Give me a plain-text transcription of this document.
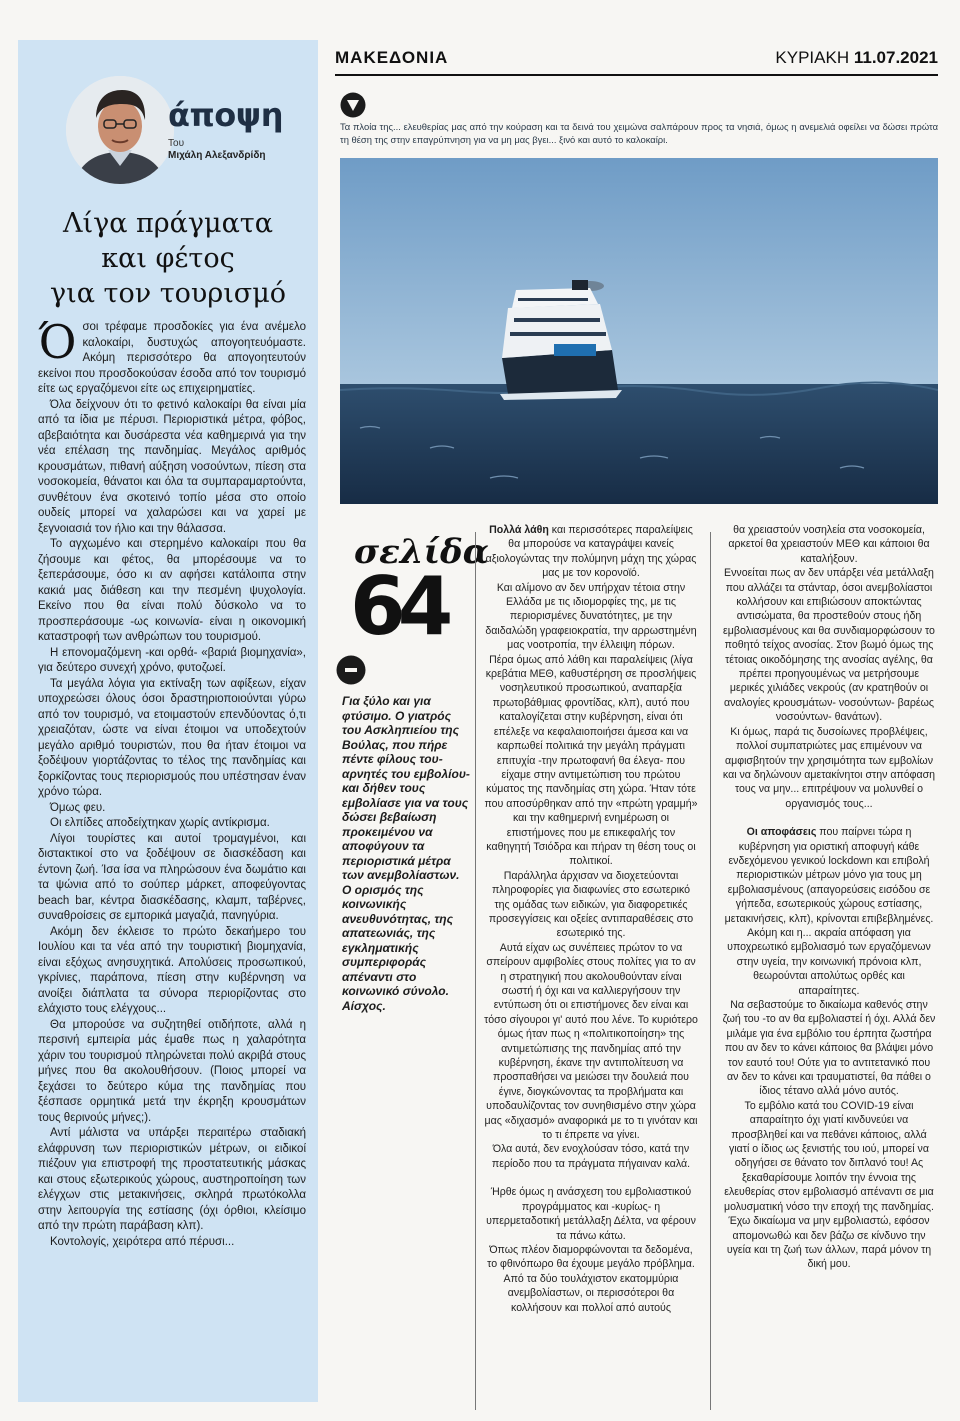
άποψη
Του
Μιχάλη Αλεξανδρίδη
Λίγα πράγματα
και φέτος
για τον τουρισμό

Όσοι τρέφαμε προσδοκίες για ένα ανέμελο καλοκαίρι, δυστυχώς απογοητευόμαστε. Ακόμη περισσότερο θα απογοητευτούν εκείνοι που προσδοκούσαν έσοδα από τον τουρισμό είτε ως εργαζόμενοι είτε ως επιχειρηματίες.

Όλα δείχνουν ότι το φετινό καλοκαίρι θα είναι μία από τα ίδια με πέρυσι. Περιοριστικά μέτρα, φόβος, αβεβαιότητα και δυσάρεστα νέα καθημερινά για την νέα επέλαση της πανδημίας. Μεγάλος αριθμός κρουσμάτων, πιθανή αύξηση νοσούντων, πίεση στα νοσοκομεία, θάνατοι και όλα τα συμπαραμαρτούντα, συνθέτουν ένα σκοτεινό τοπίο μέσα στο οποίο ουδείς μπορεί να χαλαρώσει και να χαρεί με ξεγνοιασιά τον ήλιο και την θάλασσα.

Το αγχωμένο και στερημένο καλοκαίρι που θα ζήσουμε και φέτος, θα μπορέσουμε να το ξεπεράσουμε, όσο κι αν αφήσει κατάλοιπα στην κακιά μας διάθεση και την πεσμένη ψυχολογία. Εκείνο που θα είναι πολύ δύσκολο να το προσπεράσουμε -ως κοινωνία- είναι η οικονομική καταστροφή των ανθρώπων του τουρισμού.

Η επονομαζόμενη -και ορθά- «βαριά βιομηχανία», για δεύτερο συνεχή χρόνο, φυτοζωεί.

Τα μεγάλα λόγια για εκτίναξη των αφίξεων, είχαν υποχρεώσει όλους όσοι δραστηριοποιούνται γύρω από τον τουρισμό, να ετοιμαστούν επενδύοντας ό,τι χρειαζόταν, ώστε να είναι έτοιμοι να υποδεχτούν μεγάλο αριθμό τουριστών, που θα ήταν έτοιμοι να ξοδέψουν γιορτάζοντας το τέλος της πανδημίας και ξορκίζοντας τους περιορισμούς που υπέστησαν έναν χρόνο τώρα.

Όμως φευ.

Οι ελπίδες αποδείχτηκαν χωρίς αντίκρισμα.

Λίγοι τουρίστες και αυτοί τρομαγμένοι, και διστακτικοί στο να ξοδέψουν σε διασκέδαση και έντονη ζωή. Ίσα ίσα να πληρώσουν ένα δωμάτιο και τα ψώνια από το σούπερ μάρκετ, αποφεύγοντας beach bar, κέντρα διασκέδασης, κλαμπ, ταβέρνες, συναθροίσεις σε εμπορικά μαγαζιά, πανηγύρια.

Ακόμη δεν έκλεισε το πρώτο δεκαήμερο του Ιουλίου και τα νέα από την τουριστική βιομηχανία, είναι εξόχως ανησυχητικά. Απολύσεις προσωπικού, γκρίνιες, παράπονα, πίεση στην κυβέρνηση να ανοίξει διάπλατα τα σύνορα περιορίζοντας στο ελάχιστο τους ελέγχους...

Θα μπορούσε να συζητηθεί οτιδήποτε, αλλά η περσινή εμπειρία μάς έμαθε πως η χαλαρότητα χάριν του τουρισμού πληρώνεται πολύ ακριβά στους μήνες που θα ακολουθήσουν. (Ποιος μπορεί να ξεχάσει το δεύτερο κύμα της πανδημίας που ξέσπασε ορμητικά μετά την έκρηξη κρουσμάτων τους θερινούς μήνες;).

Αντί μάλιστα να υπάρξει περαιτέρω σταδιακή ελάφρυνση των περιοριστικών μέτρων, οι ειδικοί πιέζουν για επιστροφή της προστατευτικής μάσκας και στους εξωτερικούς χώρους, αυστηροποίηση των ελέγχων στις μετακινήσεις, σκληρά πρωτόκολλα στην λειτουργία της εστίασης (όχι όρθιοι, κλείσιμο από την πρώτη παράβαση κλπ).

Κοντολογίς, χειρότερα από πέρυσι...

ΜΑΚΕΔΟΝΙΑ	ΚΥΡΙΑΚΗ 11.07.2021
Τα πλοία της... ελευθερίας μας από την κούραση και τα δεινά του χειμώνα σαλπάρουν προς τα νησιά, όμως η ανεμελιά οφείλει να δώσει πρώτα τη θέση της στην επαγρύπνηση για να μη μας βγει... ξινό και αυτό το καλοκαίρι.
σελίδα
64
Για ξύλο και για φτύσιμο. Ο γιατρός του Ασκληπιείου της Βούλας, που πήρε πέντε φίλους του-αρνητές του εμβολίου-και δήθεν τους εμβολίασε για να τους δώσει βεβαίωση προκειμένου να αποφύγουν τα περιοριστικά μέτρα των ανεμβολίαστων. Ο ορισμός της κοινωνικής ανευθυνότητας, της απατεωνιάς, της εγκληματικής συμπεριφοράς απέναντι στο κοινωνικό σύνολο. Αίσχος.

Πολλά λάθη και περισσότερες παραλείψεις θα μπορούσε να καταγράψει κανείς αξιολογώντας την πολύμηνη μάχη της χώρας μας με τον κορονοϊό.

Και αλίμονο αν δεν υπήρχαν τέτοια στην Ελλάδα με τις ιδιομορφίες της, με τις περιορισμένες δυνατότητες, με την δαιδαλώδη γραφειοκρατία, την αρρωστημένη μας νοοτροπία, την έλλειψη πόρων.

Πέρα όμως από λάθη και παραλείψεις (λίγα κρεβάτια ΜΕΘ, καθυστέρηση σε προσλήψεις νοσηλευτικού προσωπικού, αναπαρξία πρωτοβάθμιας φροντίδας, κλπ), αυτό που καταλογίζεται στην κυβέρνηση, είναι ότι επέλεξε να κεφαλαιοποιήσει άμεσα και να καρπωθεί πολιτικά την μεγάλη πράγματι επιτυχία -την πρωτοφανή θα έλεγα- που είχαμε στην αντιμετώπιση του πρώτου κύματος της πανδημίας στη χώρα. Ήταν τότε που αποσύρθηκαν από την «πρώτη γραμμή» και την καθημερινή ενημέρωση οι επιστήμονες που με επικεφαλής τον καθηγητή Τσιόδρα και πήραν τη θέση τους οι πολιτικοί.

Παράλληλα άρχισαν να διοχετεύονται πληροφορίες για διαφωνίες στο εσωτερικό της ομάδας των ειδικών, για διαφορετικές προσεγγίσεις και οξείες αντιπαραθέσεις στο εσωτερικό της.

Αυτά είχαν ως συνέπειες πρώτον το να σπείρουν αμφιβολίες στους πολίτες για το αν η στρατηγική που ακολουθούνταν είναι σωστή ή όχι και να καλλιεργήσουν την εντύπωση ότι οι επιστήμονες δεν είναι και τόσο σίγουροι γι' αυτό που λένε. Το κυριότερο όμως ήταν πως η «πολιτικοποίηση» της αντιμετώπισης της πανδημίας από την κυβέρνηση, έκανε την αντιπολίτευση να προσπαθήσει να μειώσει την δουλειά που έγινε, διογκώνοντας τα προβλήματα και υποδαυλίζοντας τον συνηθισμένο στην χώρα μας «διχασμό» αναφορικά με το τι γινόταν και το τι έπρεπε να γίνει.

Όλα αυτά, δεν ενοχλούσαν τόσο, κατά την περίοδο που τα πράγματα πήγαιναν καλά.

Ήρθε όμως η ανάσχεση του εμβολιαστικού προγράμματος και -κυρίως- η υπερμεταδοτική μετάλλαξη Δέλτα, να φέρουν τα πάνω κάτω.

Όπως πλέον διαμορφώνονται τα δεδομένα, το φθινόπωρο θα έχουμε μεγάλο πρόβλημα. Από τα δύο τουλάχιστον εκατομμύρια ανεμβολίαστων, οι περισσότεροι θα κολλήσουν και πολλοί από αυτούς

θα χρειαστούν νοσηλεία στα νοσοκομεία, αρκετοί θα χρειαστούν ΜΕΘ και κάποιοι θα καταλήξουν.

Εννοείται πως αν δεν υπάρξει νέα μετάλλαξη που αλλάζει τα στάνταρ, όσοι ανεμβολίαστοι κολλήσουν και επιβιώσουν αποκτώντας αντισώματα, θα προστεθούν στους ήδη εμβολιασμένους και θα συνδιαμορφώσουν το ποθητό τείχος ανοσίας. Στον βωμό όμως της τέτοιας οικοδόμησης της ανοσίας αγέλης, θα πρέπει προηγουμένως να μετρήσουμε μερικές χιλιάδες νεκρούς (αν κρατηθούν οι αναλογίες κρουσμάτων- νοσούντων- βαρέως νοσούντων- θανάτων).

Κι όμως, παρά τις δυσοίωνες προβλέψεις, πολλοί συμπατριώτες μας επιμένουν να αμφισβητούν την χρησιμότητα των εμβολίων και να δηλώνουν αμετακίνητοι στην απόφαση τους να μην... επιτρέψουν να μολυνθεί ο οργανισμός τους...

Οι αποφάσεις που παίρνει τώρα η κυβέρνηση για οριστική αποφυγή κάθε ενδεχόμενου γενικού lockdown και επιβολή περιοριστικών μέτρων μόνο για τους μη εμβολιασμένους (απαγορεύσεις εισόδου σε γήπεδα, εσωτερικούς χώρους εστίασης, μετακινήσεις, κλπ), κρίνονται επιβεβλημένες.

Ακόμη και η... ακραία απόφαση για υποχρεωτικό εμβολιασμό των εργαζόμενων στην υγεία, την κοινωνική πρόνοια κλπ, θεωρούνται απολύτως ορθές και απαραίτητες.

Να σεβαστούμε το δικαίωμα καθενός στην ζωή του -το αν θα εμβολιαστεί ή όχι. Αλλά δεν μιλάμε για ένα εμβόλιο του έρπητα ζωστήρα που αν δεν το κάνει κάποιος θα βλάψει μόνο τον εαυτό του! Ούτε για το αντιτετανικό που αν δεν το κάνει και τραυματιστεί, θα πάθει ο ίδιος τέτανο αλλά μόνο αυτός.

Το εμβόλιο κατά του COVID-19 είναι απαραίτητο όχι γιατί κινδυνεύει να προσβληθεί και να πεθάνει κάποιος, αλλά γιατί ο ίδιος ως ξενιστής του ιού, μπορεί να οδηγήσει σε θάνατο τον διπλανό του! Ας ξεκαθαρίσουμε λοιπόν την έννοια της ελευθερίας στον εμβολιασμό απέναντι σε μια μολυσματική νόσο την εποχή της πανδημίας.

Έχω δικαίωμα να μην εμβολιαστώ, εφόσον απομονωθώ και δεν βάζω σε κίνδυνο την υγεία και τη ζωή των άλλων, παρά μόνον τη δική μου.
